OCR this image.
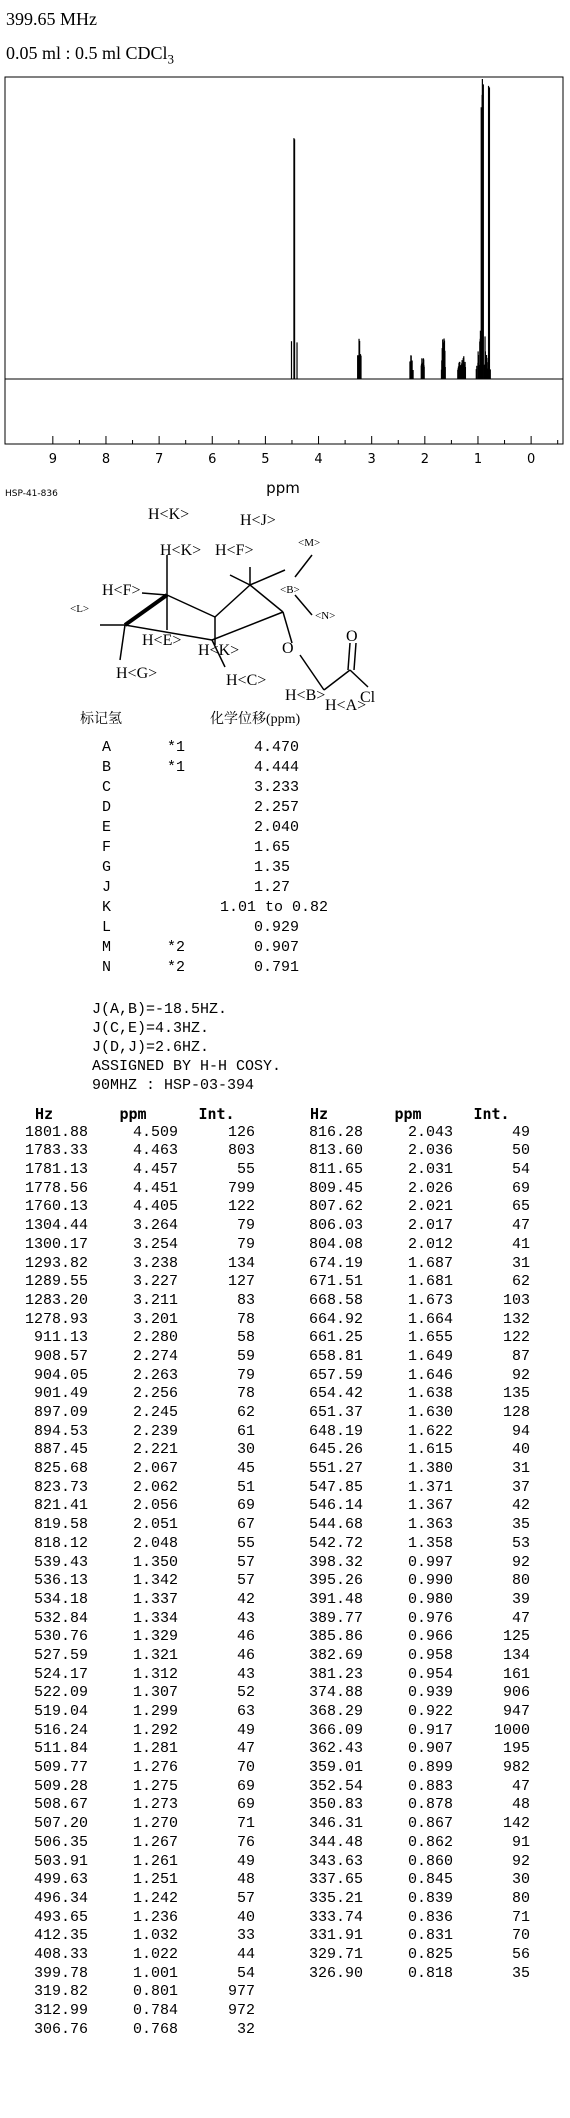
399.65 MHz
0.05 ml : 0.5 ml CDCl$_3$
9	8	7	6	5	4	3	2	1	0
ppm
HSP-41-836
H<K>	H<J>
H<K> H<F>	<M>
H<F>	<B>
<L>
<N>
H<E>
H<K>	O
O
H<G>	H<C>
H<B>
H<A>
Cl
标记氢	化学位移(ppm)
A	*1	4.470
B	*1	4.444
C	3.233
D	2.257
E	2.040
F	1.65
G	1.35
J	1.27
K	1.01 to 0.82
L	0.929
M	*2	0.907
N	*2	0.791
J(A,B)=-18.5HZ.
J(C,E)=4.3HZ.
J(D,J)=2.6HZ.
ASSIGNED BY H-H COSY.
90MHZ : HSP-03-394
Hz	ppm	Int.
1801.88	4.509	126
1783.33	4.463	803
1781.13	4.457	55
1778.56	4.451	799
1760.13	4.405	122
1304.44	3.264	79
1300.17	3.254	79
1293.82	3.238	134
1289.55	3.227	127
1283.20	3.211	83
1278.93	3.201	78
911.13	2.280	58
908.57	2.274	59
904.05	2.263	79
901.49	2.256	78
897.09	2.245	62
894.53	2.239	61
887.45	2.221	30
825.68	2.067	45
823.73	2.062	51
821.41	2.056	69
819.58	2.051	67
818.12	2.048	55
539.43	1.350	57
536.13	1.342	57
534.18	1.337	42
532.84	1.334	43
530.76	1.329	46
527.59	1.321	46
524.17	1.312	43
522.09	1.307	52
519.04	1.299	63
516.24	1.292	49
511.84	1.281	47
509.77	1.276	70
509.28	1.275	69
508.67	1.273	69
507.20	1.270	71
506.35	1.267	76
503.91	1.261	49
499.63	1.251	48
496.34	1.242	57
493.65	1.236	40
412.35	1.032	33
408.33	1.022	44
399.78	1.001	54
319.82	0.801	977
312.99	0.784	972
306.76	0.768	32
Hz	ppm	Int.
816.28	2.043	49
813.60	2.036	50
811.65	2.031	54
809.45	2.026	69
807.62	2.021	65
806.03	2.017	47
804.08	2.012	41
674.19	1.687	31
671.51	1.681	62
668.58	1.673	103
664.92	1.664	132
661.25	1.655	122
658.81	1.649	87
657.59	1.646	92
654.42	1.638	135
651.37	1.630	128
648.19	1.622	94
645.26	1.615	40
551.27	1.380	31
547.85	1.371	37
546.14	1.367	42
544.68	1.363	35
542.72	1.358	53
398.32	0.997	92
395.26	0.990	80
391.48	0.980	39
389.77	0.976	47
385.86	0.966	125
382.69	0.958	134
381.23	0.954	161
374.88	0.939	906
368.29	0.922	947
366.09	0.917	1000
362.43	0.907	195
359.01	0.899	982
352.54	0.883	47
350.83	0.878	48
346.31	0.867	142
344.48	0.862	91
343.63	0.860	92
337.65	0.845	30
335.21	0.839	80
333.74	0.836	71
331.91	0.831	70
329.71	0.825	56
326.90	0.818	35
